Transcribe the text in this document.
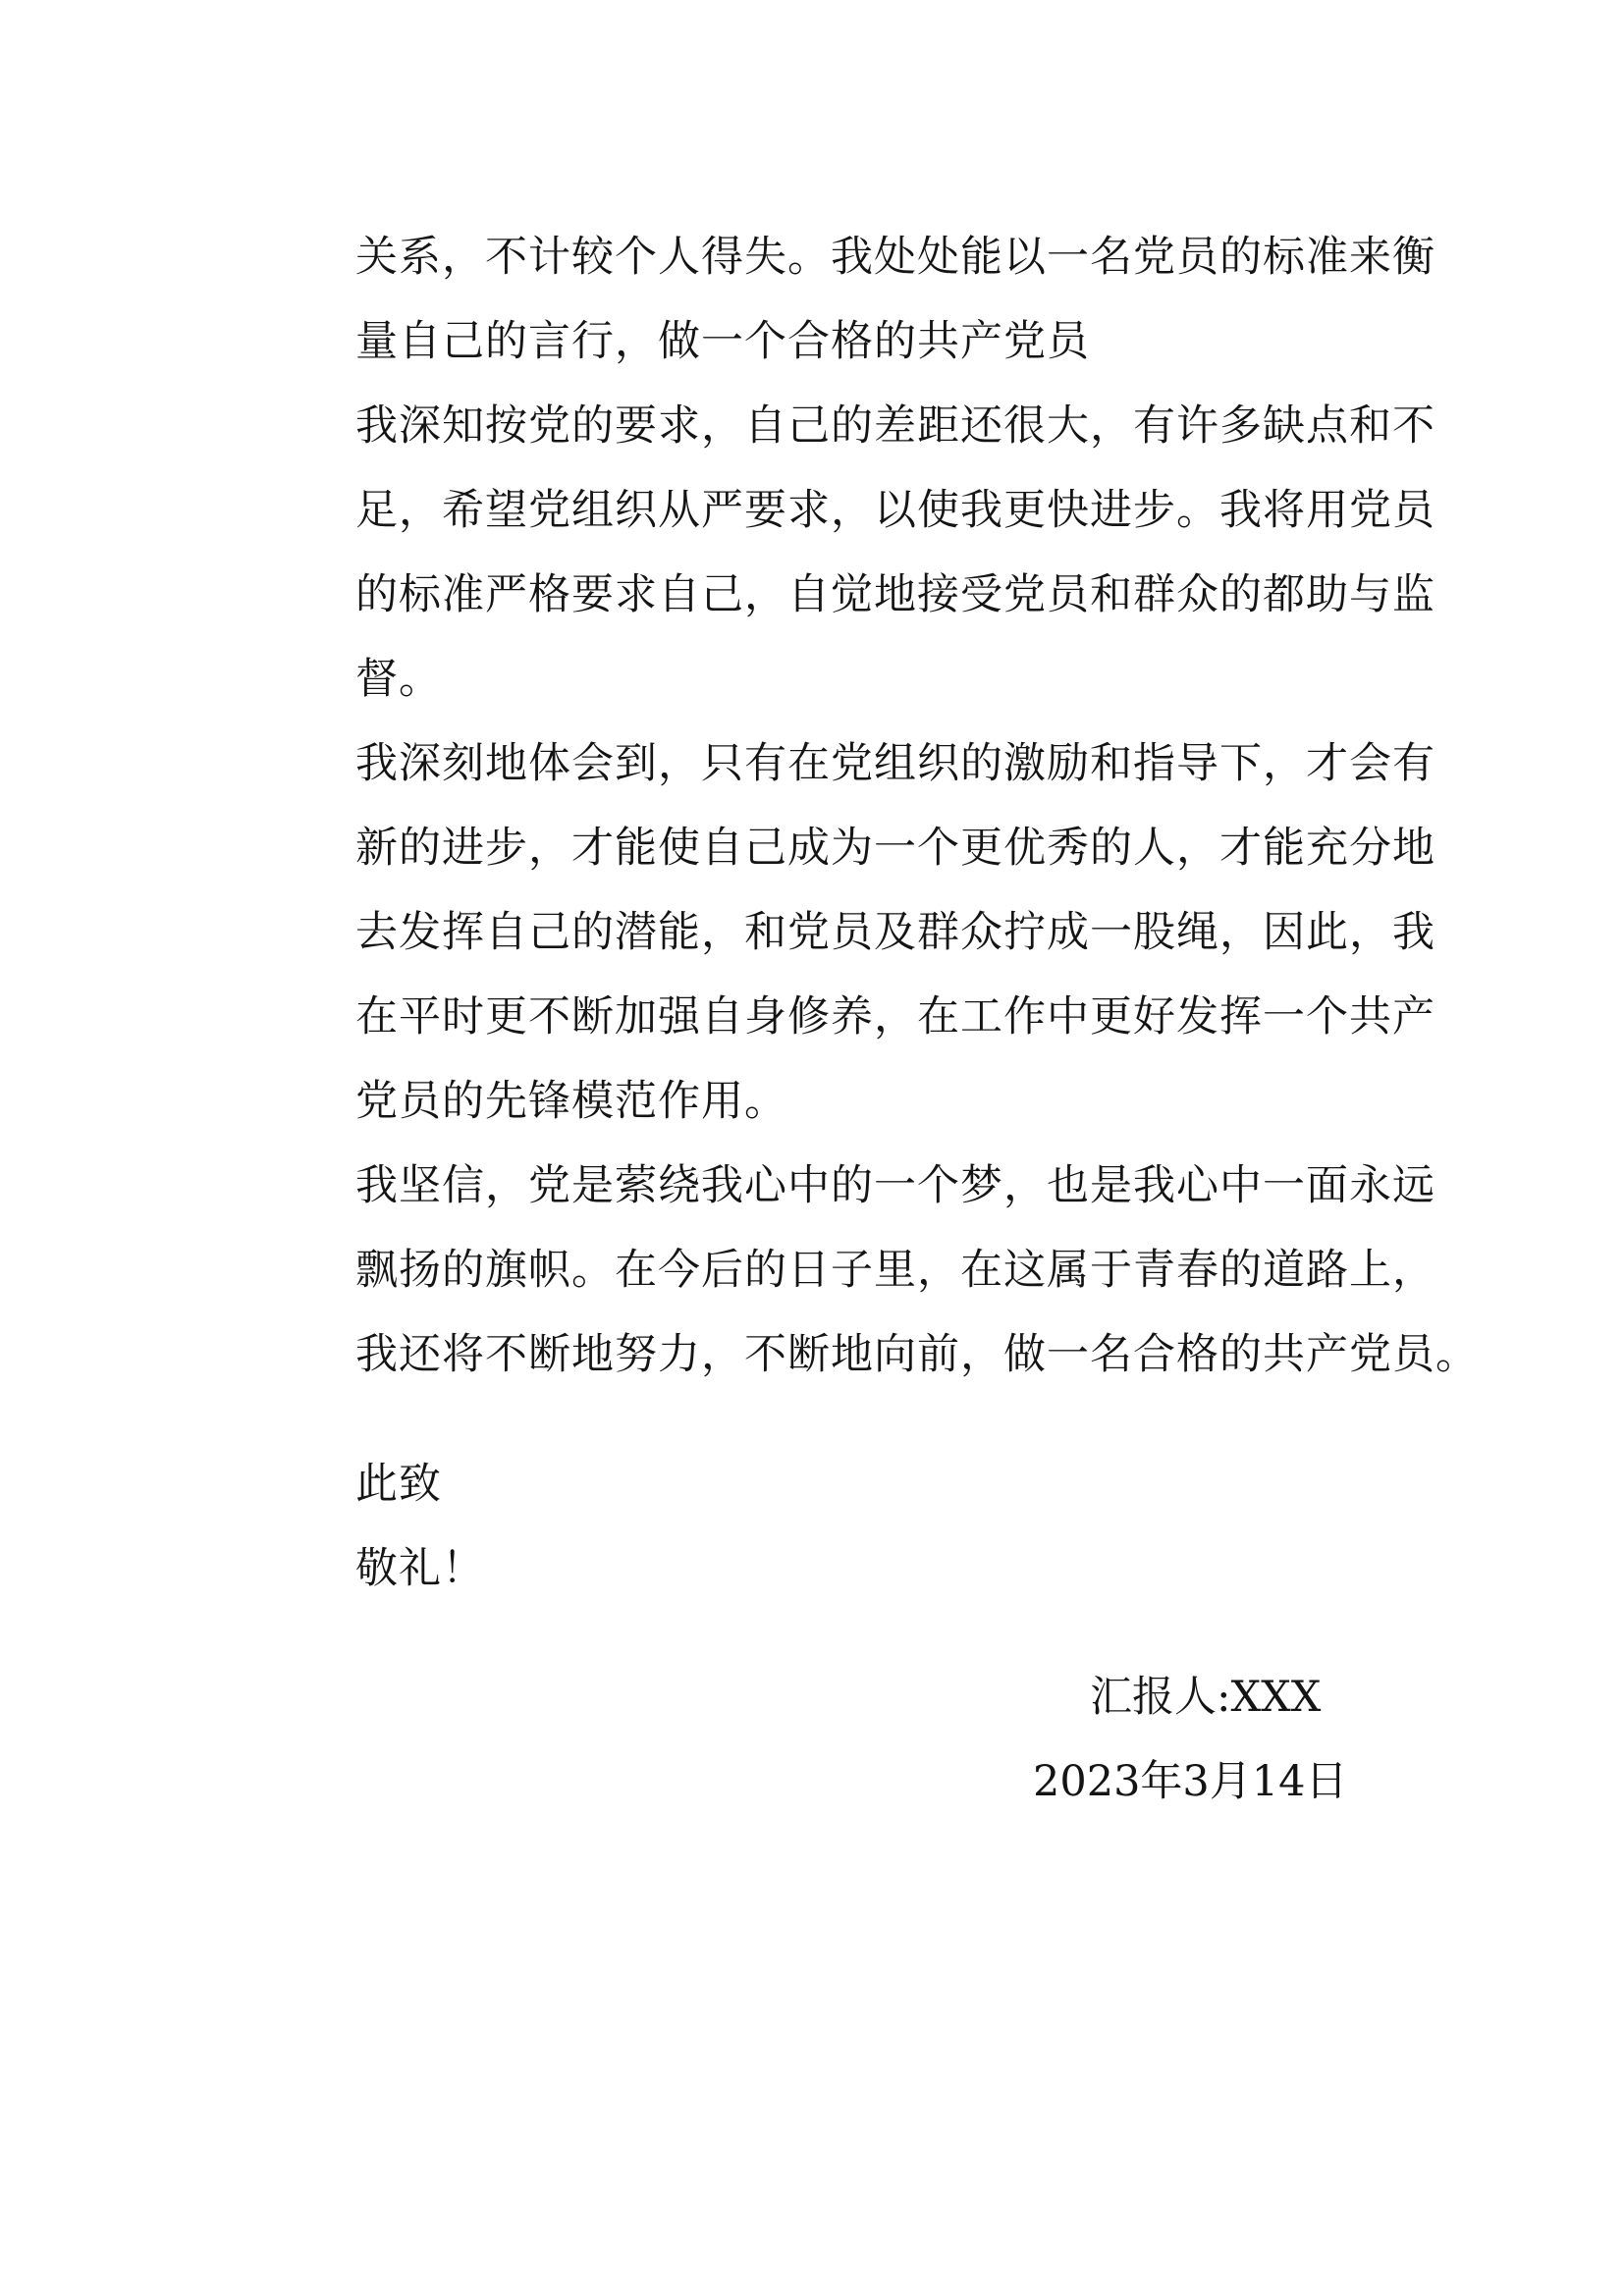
关系，不计较个人得失。我处处能以一名党员的标准来衡
量自己的言行，做一个合格的共产党员
我深知按党的要求，自己的差距还很大，有许多缺点和不
足，希望党组织从严要求，以使我更快进步。我将用党员
的标准严格要求自己，自觉地接受党员和群众的都助与监
督。
我深刻地体会到，只有在党组织的激励和指导下，才会有
新的进步，才能使自己成为一个更优秀的人，才能充分地
去发挥自己的潜能，和党员及群众拧成一股绳，因此，我
在平时更不断加强自身修养，在工作中更好发挥一个共产
党员的先锋模范作用。
我坚信，党是萦绕我心中的一个梦，也是我心中一面永远
飘扬的旗帜。在今后的日子里，在这属于青春的道路上，
我还将不断地努力，不断地向前，做一名合格的共产党员。
此致
敬礼！
汇报人:XXX
2023年3月14日
